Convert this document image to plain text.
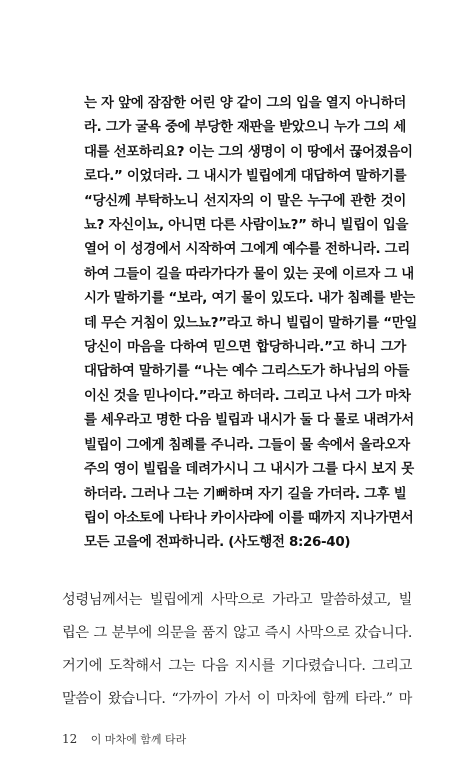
는 자 앞에 잠잠한 어린 양 같이 그의 입을 열지 아니하더
라. 그가 굴욕 중에 부당한 재판을 받았으니 누가 그의 세
대를 선포하리요? 이는 그의 생명이 이 땅에서 끊어졌음이
로다.” 이었더라. 그 내시가 빌립에게 대답하여 말하기를
“당신께 부탁하노니 선지자의 이 말은 누구에 관한 것이
뇨? 자신이뇨, 아니면 다른 사람이뇨?” 하니 빌립이 입을
열어 이 성경에서 시작하여 그에게 예수를 전하니라. 그리
하여 그들이 길을 따라가다가 물이 있는 곳에 이르자 그 내
시가 말하기를 “보라, 여기 물이 있도다. 내가 침례를 받는
데 무슨 거침이 있느뇨?”라고 하니 빌립이 말하기를 “만일
당신이 마음을 다하여 믿으면 합당하니라.”고 하니 그가
대답하여 말하기를 “나는 예수 그리스도가 하나님의 아들
이신 것을 믿나이다.”라고 하더라. 그리고 나서 그가 마차
를 세우라고 명한 다음 빌립과 내시가 둘 다 물로 내려가서
빌립이 그에게 침례를 주니라. 그들이 물 속에서 올라오자
주의 영이 빌립을 데려가시니 그 내시가 그를 다시 보지 못
하더라. 그러나 그는 기뻐하며 자기 길을 가더라. 그후 빌
립이 아소토에 나타나 카이사랴에 이를 때까지 지나가면서
모든 고을에 전파하니라. (사도행전 8:26-40)
성령님께서는 빌립에게 사막으로 가라고 말씀하셨고, 빌
립은 그 분부에 의문을 품지 않고 즉시 사막으로 갔습니다.
거기에 도착해서 그는 다음 지시를 기다렸습니다. 그리고
말씀이 왔습니다. “가까이 가서 이 마차에 함께 타라.” 마
12 이 마차에 함께 타라
